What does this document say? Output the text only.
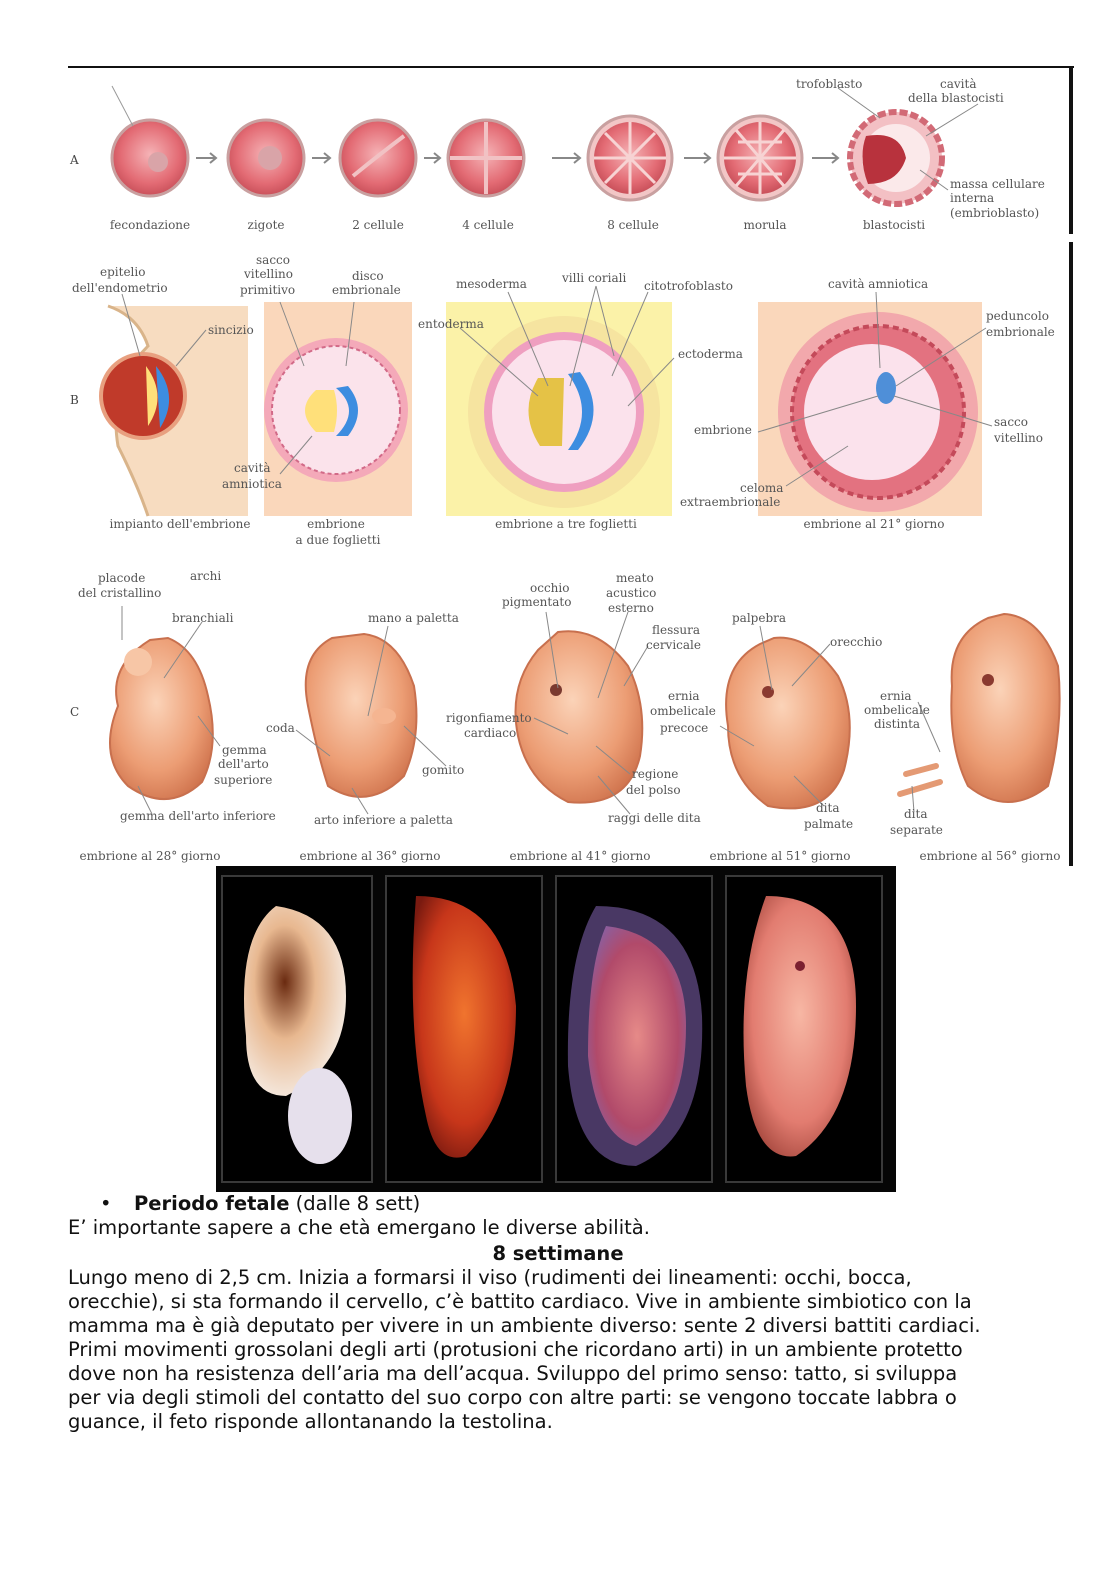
A
trofoblasto	cavità
della blastocisti
massa cellulare
interna
(embrioblasto)
fecondazione	zigote	2 cellule	4 cellule	8 cellule	morula	blastocisti
B
epitelio
dell'endometrio
sincizio
sacco
vitellino
primitivo
disco
embrionale
cavità
amniotica
mesoderma	villi coriali
citotrofoblasto
entoderma
ectoderma
cavità amniotica
peduncolo
embrionale
embrione
sacco
vitellino
celoma
extraembrionale
impianto dell'embrione	embrione
a due foglietti
embrione a tre foglietti	embrione al 21° giorno
C
placode
del cristallino
archi
branchiali
gemma
dell'arto
superiore
gemma dell'arto inferiore
mano a paletta
coda
gomito
arto inferiore a paletta
occhio
pigmentato
meato
acustico
esterno
flessura
cervicale
rigonfiamento
cardiaco
regione
del polso
raggi delle dita
palpebra
orecchio
ernia
ombelicale
precoce
dita
palmate
ernia
ombelicale
distinta
dita
separate
embrione al 28° giorno	embrione al 36° giorno	embrione al 41° giorno	embrione al 51° giorno	embrione al 56° giorno
• Periodo fetale (dalle 8 sett)
E’ importante sapere a che età emergano le diverse abilità.
8 settimane
Lungo meno di 2,5 cm. Inizia a formarsi il viso (rudimenti dei lineamenti: occhi, bocca,
orecchie), si sta formando il cervello, c’è battito cardiaco. Vive in ambiente simbiotico con la
mamma ma è già deputato per vivere in un ambiente diverso: sente 2 diversi battiti cardiaci.
Primi movimenti grossolani degli arti (protusioni che ricordano arti) in un ambiente protetto
dove non ha resistenza dell’aria ma dell’acqua. Sviluppo del primo senso: tatto, si sviluppa
per via degli stimoli del contatto del suo corpo con altre parti: se vengono toccate labbra o
guance, il feto risponde allontanando la testolina.
